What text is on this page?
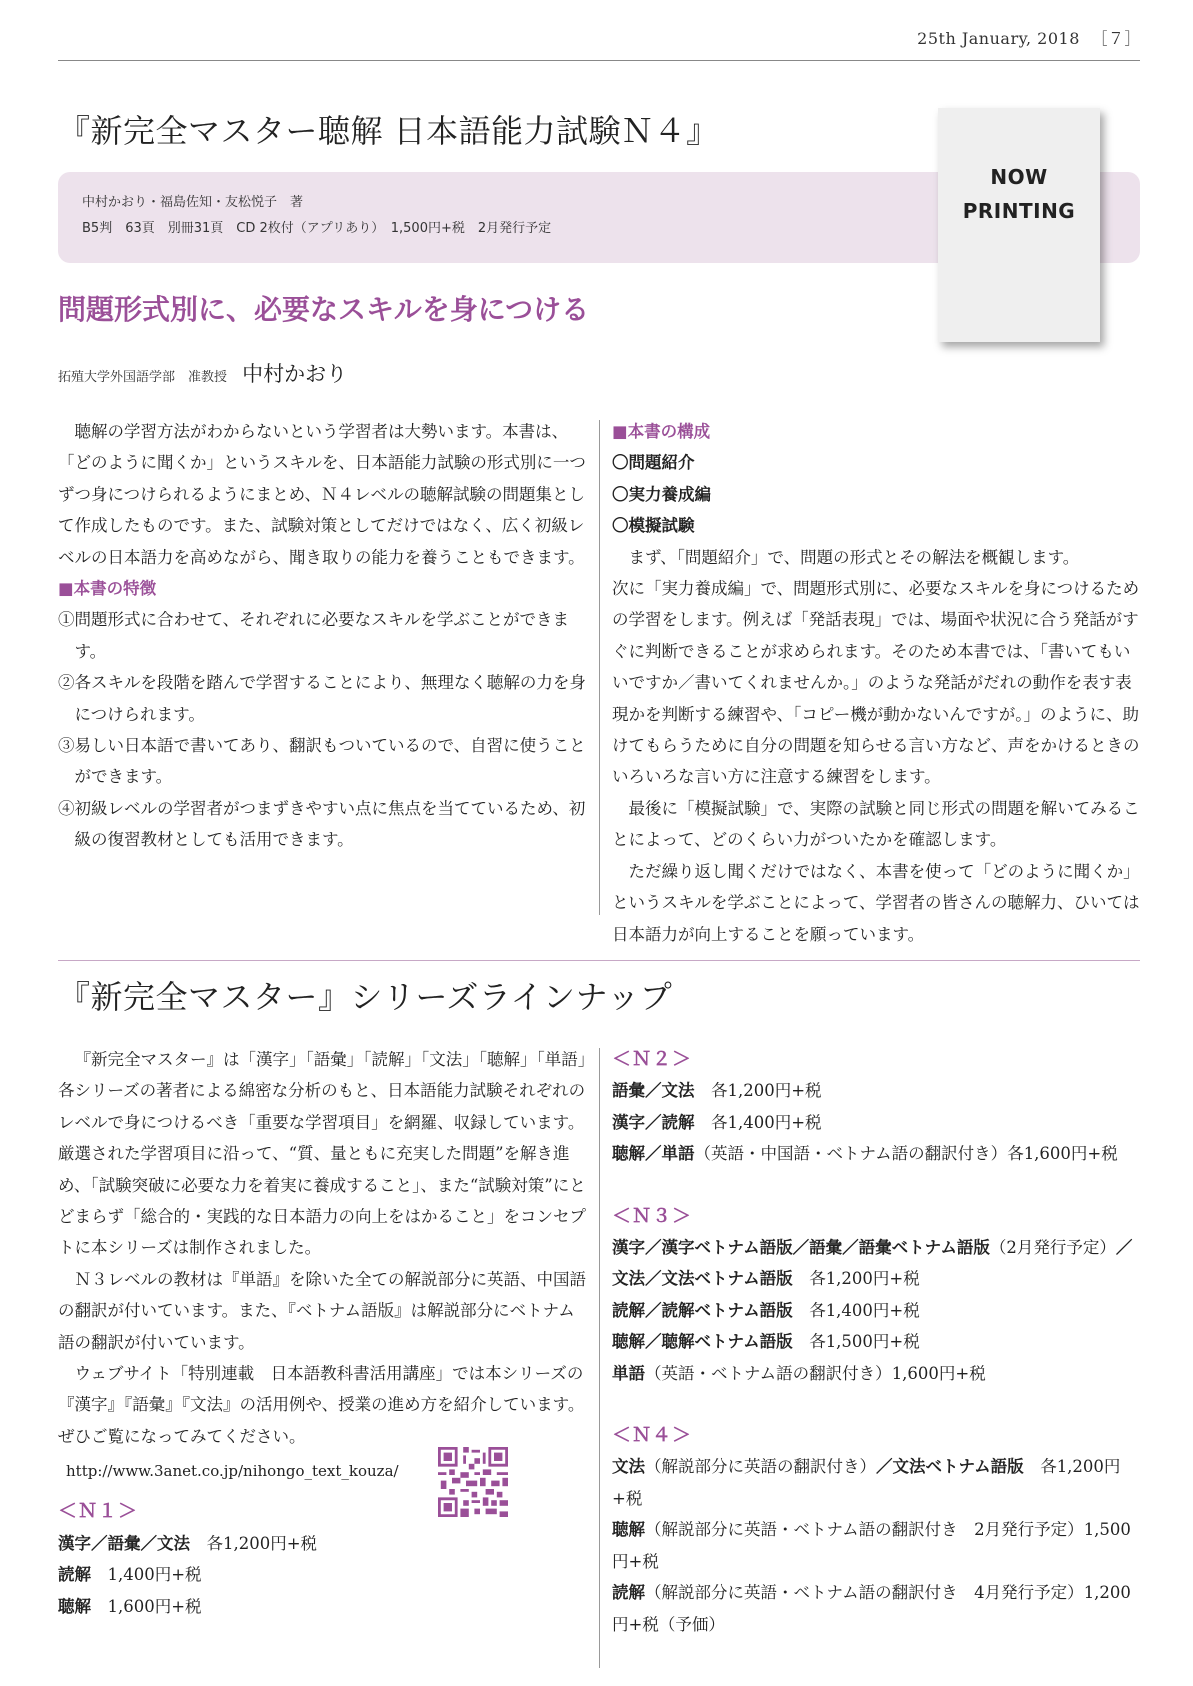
25th January, 2018 ［７］
『新完全マスター聴解 日本語能力試験Ｎ４』
中村かおり・福島佐知・友松悦子　著
B5判　63頁　別冊31頁　CD 2枚付（アプリあり）　1,500円+税　2月発行予定
NOW
PRINTING
問題形式別に、必要なスキルを身につける
拓殖大学外国語学部　准教授 中村かおり

聴解の学習方法がわからないという学習者は大勢います。本書は、「どのように聞くか」というスキルを、日本語能力試験の形式別に一つずつ身につけられるようにまとめ、Ｎ４レベルの聴解試験の問題集として作成したものです。また、試験対策としてだけではなく、広く初級レベルの日本語力を高めながら、聞き取りの能力を養うこともできます。

■本書の特徴

①問題形式に合わせて、それぞれに必要なスキルを学ぶことができます。

②各スキルを段階を踏んで学習することにより、無理なく聴解の力を身につけられます。

③易しい日本語で書いてあり、翻訳もついているので、自習に使うことができます。

④初級レベルの学習者がつまずきやすい点に焦点を当てているため、初級の復習教材としても活用できます。

■本書の構成

〇問題紹介

〇実力養成編

〇模擬試験

まず、「問題紹介」で、問題の形式とその解法を概観します。

次に「実力養成編」で、問題形式別に、必要なスキルを身につけるための学習をします。例えば「発話表現」では、場面や状況に合う発話がすぐに判断できることが求められます。そのため本書では、「書いてもいいですか／書いてくれませんか。」のような発話がだれの動作を表す表現かを判断する練習や、「コピー機が動かないんですが。」のように、助けてもらうために自分の問題を知らせる言い方など、声をかけるときのいろいろな言い方に注意する練習をします。

最後に「模擬試験」で、実際の試験と同じ形式の問題を解いてみることによって、どのくらい力がついたかを確認します。

ただ繰り返し聞くだけではなく、本書を使って「どのように聞くか」というスキルを学ぶことによって、学習者の皆さんの聴解力、ひいては日本語力が向上することを願っています。

『新完全マスター』シリーズラインナップ

『新完全マスター』は「漢字」「語彙」「読解」「文法」「聴解」「単語」各シリーズの著者による綿密な分析のもと、日本語能力試験それぞれのレベルで身につけるべき「重要な学習項目」を網羅、収録しています。厳選された学習項目に沿って、“質、量ともに充実した問題”を解き進め、「試験突破に必要な力を着実に養成すること」、また“試験対策”にとどまらず「総合的・実践的な日本語力の向上をはかること」をコンセプトに本シリーズは制作されました。

Ｎ３レベルの教材は『単語』を除いた全ての解説部分に英語、中国語の翻訳が付いています。また、『ベトナム語版』は解説部分にベトナム語の翻訳が付いています。

ウェブサイト「特別連載　日本語教科書活用講座」では本シリーズの『漢字』『語彙』『文法』の活用例や、授業の進め方を紹介しています。ぜひご覧になってみてください。

http://www.3anet.co.jp/nihongo_text_kouza/

＜Ｎ１＞

漢字／語彙／文法　各1,200円+税

読解　1,400円+税

聴解　1,600円+税

＜Ｎ２＞

語彙／文法　各1,200円+税

漢字／読解　各1,400円+税

聴解／単語（英語・中国語・ベトナム語の翻訳付き）各1,600円+税

＜Ｎ３＞

漢字／漢字ベトナム語版／語彙／語彙ベトナム語版（2月発行予定）／文法／文法ベトナム語版　各1,200円+税

読解／読解ベトナム語版　各1,400円+税

聴解／聴解ベトナム語版　各1,500円+税

単語（英語・ベトナム語の翻訳付き）1,600円+税

＜Ｎ４＞

文法（解説部分に英語の翻訳付き）／文法ベトナム語版　各1,200円+税

聴解（解説部分に英語・ベトナム語の翻訳付き　2月発行予定）1,500円+税

読解（解説部分に英語・ベトナム語の翻訳付き　4月発行予定）1,200円+税（予価）
